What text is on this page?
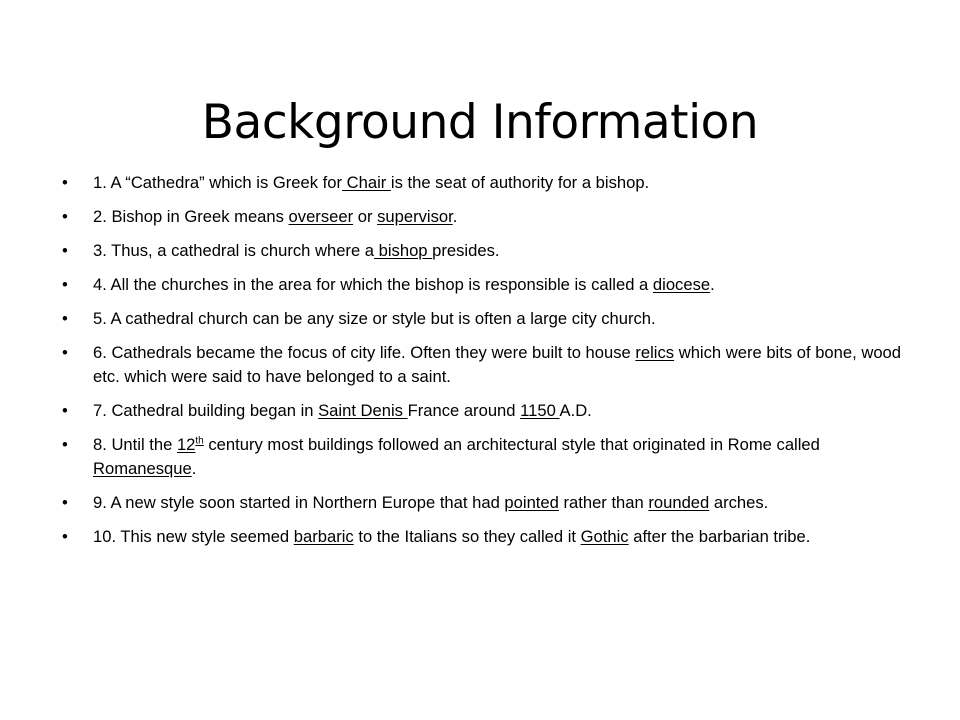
Background Information
•	1. A “Cathedra” which is Greek for Chair is the seat of authority for a bishop.
•	2. Bishop in Greek means overseer or supervisor.
•	3. Thus, a cathedral is church where a bishop presides.
•	4. All the churches in the area for which the bishop is responsible is called a diocese.
•	5. A cathedral church can be any size or style but is often a large city church.
•	6. Cathedrals became the focus of city life. Often they were built to house relics which were bits of bone, wood etc. which were said to have belonged to a saint.
•	7. Cathedral building began in Saint Denis France around 1150 A.D.
•	8. Until the 12th century most buildings followed an architectural style that originated in Rome called Romanesque.
•	9. A new style soon started in Northern Europe that had pointed rather than rounded arches.
•	10. This new style seemed barbaric to the Italians so they called it Gothic after the barbarian tribe.
